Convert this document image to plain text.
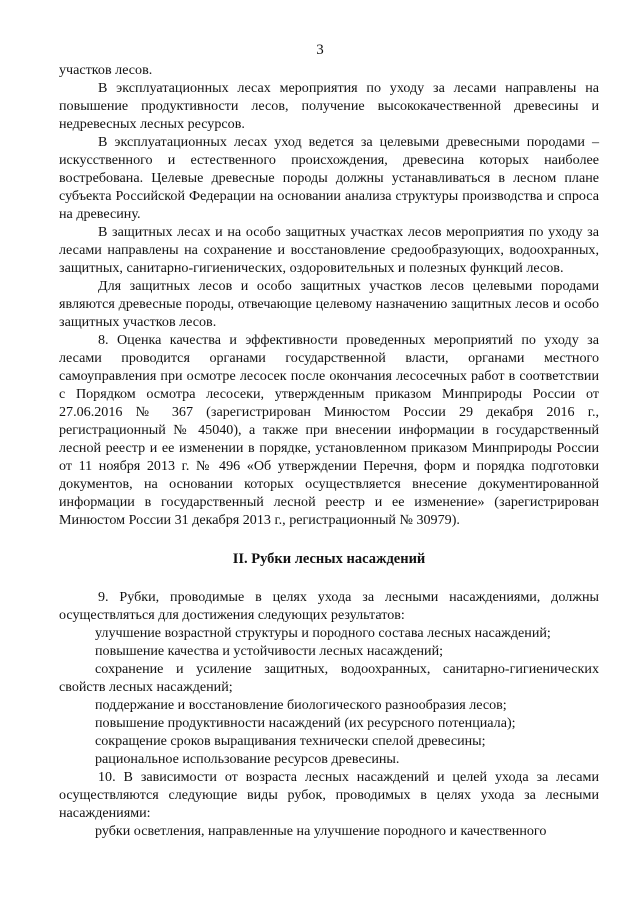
3

участков лесов.

В эксплуатационных лесах мероприятия по уходу за лесами направлены на повышение продуктивности лесов, получение высококачественной древесины и недревесных лесных ресурсов.

В эксплуатационных лесах уход ведется за целевыми древесными породами – искусственного и естественного происхождения, древесина которых наиболее востребована. Целевые древесные породы должны устанавливаться в лесном плане субъекта Российской Федерации на основании анализа структуры производства и спроса на древесину.

В защитных лесах и на особо защитных участках лесов мероприятия по уходу за лесами направлены на сохранение и восстановление средообразующих, водоохранных, защитных, санитарно-гигиенических, оздоровительных и полезных функций лесов.

Для защитных лесов и особо защитных участков лесов целевыми породами являются древесные породы, отвечающие целевому назначению защитных лесов и особо защитных участков лесов.

8. Оценка качества и эффективности проведенных мероприятий по уходу за лесами проводится органами государственной власти, органами местного самоуправления при осмотре лесосек после окончания лесосечных работ в соответствии с Порядком осмотра лесосеки, утвержденным приказом Минприроды России от 27.06.2016 № 367 (зарегистрирован Минюстом России 29 декабря 2016 г., регистрационный № 45040), а также при внесении информации в государственный лесной реестр и ее изменении в порядке, установленном приказом Минприроды России от 11 ноября 2013 г. № 496 «Об утверждении Перечня, форм и порядка подготовки документов, на основании которых осуществляется внесение документированной информации в государственный лесной реестр и ее изменение» (зарегистрирован Минюстом России 31 декабря 2013 г., регистрационный № 30979).

II. Рубки лесных насаждений

9. Рубки, проводимые в целях ухода за лесными насаждениями, должны осуществляться для достижения следующих результатов:

улучшение возрастной структуры и породного состава лесных насаждений;

повышение качества и устойчивости лесных насаждений;

сохранение и усиление защитных, водоохранных, санитарно-гигиенических свойств лесных насаждений;

поддержание и восстановление биологического разнообразия лесов;

повышение продуктивности насаждений (их ресурсного потенциала);

сокращение сроков выращивания технически спелой древесины;

рациональное использование ресурсов древесины.

10. В зависимости от возраста лесных насаждений и целей ухода за лесами осуществляются следующие виды рубок, проводимых в целях ухода за лесными насаждениями:

рубки осветления, направленные на улучшение породного и качественного
